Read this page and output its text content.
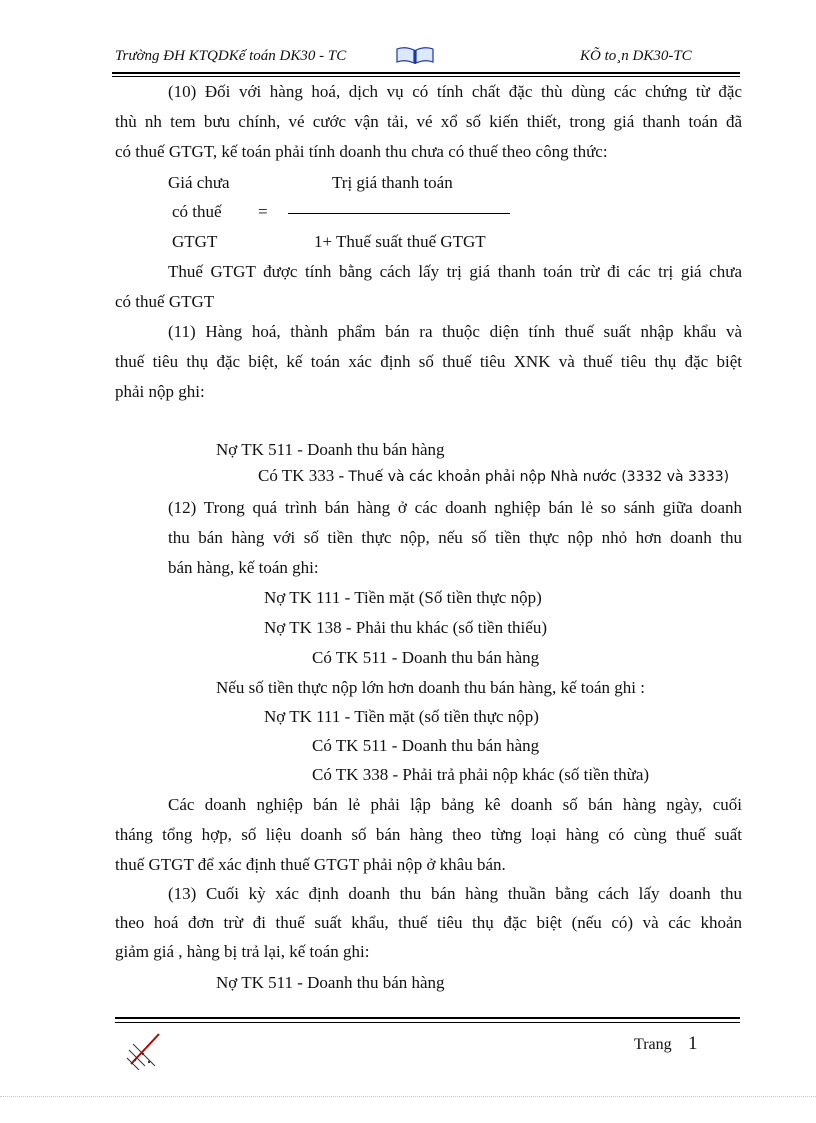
Trường ĐH KTQDKế toán DK30 - TC	KÕ to¸n DK30-TC
(10) Đối với hàng hoá, dịch vụ có tính chất đặc thù dùng các chứng từ đặc
thù nh tem bưu chính, vé cước vận tải, vé xổ số kiến thiết, trong giá thanh toán đã
có thuế GTGT, kế toán phải tính doanh thu chưa có thuế theo công thức:
Giá chưa	Trị giá thanh toán
có thuế =
GTGT	1+ Thuế suất thuế GTGT
Thuế GTGT được tính bằng cách lấy trị giá thanh toán trừ đi các trị giá chưa
có thuế GTGT
(11) Hàng hoá, thành phẩm bán ra thuộc diện tính thuế suất nhập khẩu và
thuế tiêu thụ đặc biệt, kế toán xác định số thuế tiêu XNK và thuế tiêu thụ đặc biệt
phải nộp ghi:
Nợ TK 511 - Doanh thu bán hàng
Có TK 333 - Thuế và các khoản phải nộp Nhà nước (3332 và 3333)
(12) Trong quá trình bán hàng ở các doanh nghiệp bán lẻ so sánh giữa doanh
thu bán hàng với số tiền thực nộp, nếu số tiền thực nộp nhỏ hơn doanh thu
bán hàng, kế toán ghi:
Nợ TK 111 - Tiền mặt (Số tiền thực nộp)
Nợ TK 138 - Phải thu khác (số tiền thiếu)
Có TK 511 - Doanh thu bán hàng
Nếu số tiền thực nộp lớn hơn doanh thu bán hàng, kế toán ghi :
Nợ TK 111 - Tiền mặt (số tiền thực nộp)
Có TK 511 - Doanh thu bán hàng
Có TK 338 - Phải trả phải nộp khác (số tiền thừa)
Các doanh nghiệp bán lẻ phải lập bảng kê doanh số bán hàng ngày, cuối
tháng tổng hợp, số liệu doanh số bán hàng theo từng loại hàng có cùng thuế suất
thuế GTGT để xác định thuế GTGT phải nộp ở khâu bán.
(13) Cuối kỳ xác định doanh thu bán hàng thuần bằng cách lấy doanh thu
theo hoá đơn trừ đi thuế suất khẩu, thuế tiêu thụ đặc biệt (nếu có) và các khoản
giảm giá , hàng bị trả lại, kế toán ghi:
Nợ TK 511 - Doanh thu bán hàng
Trang 1
